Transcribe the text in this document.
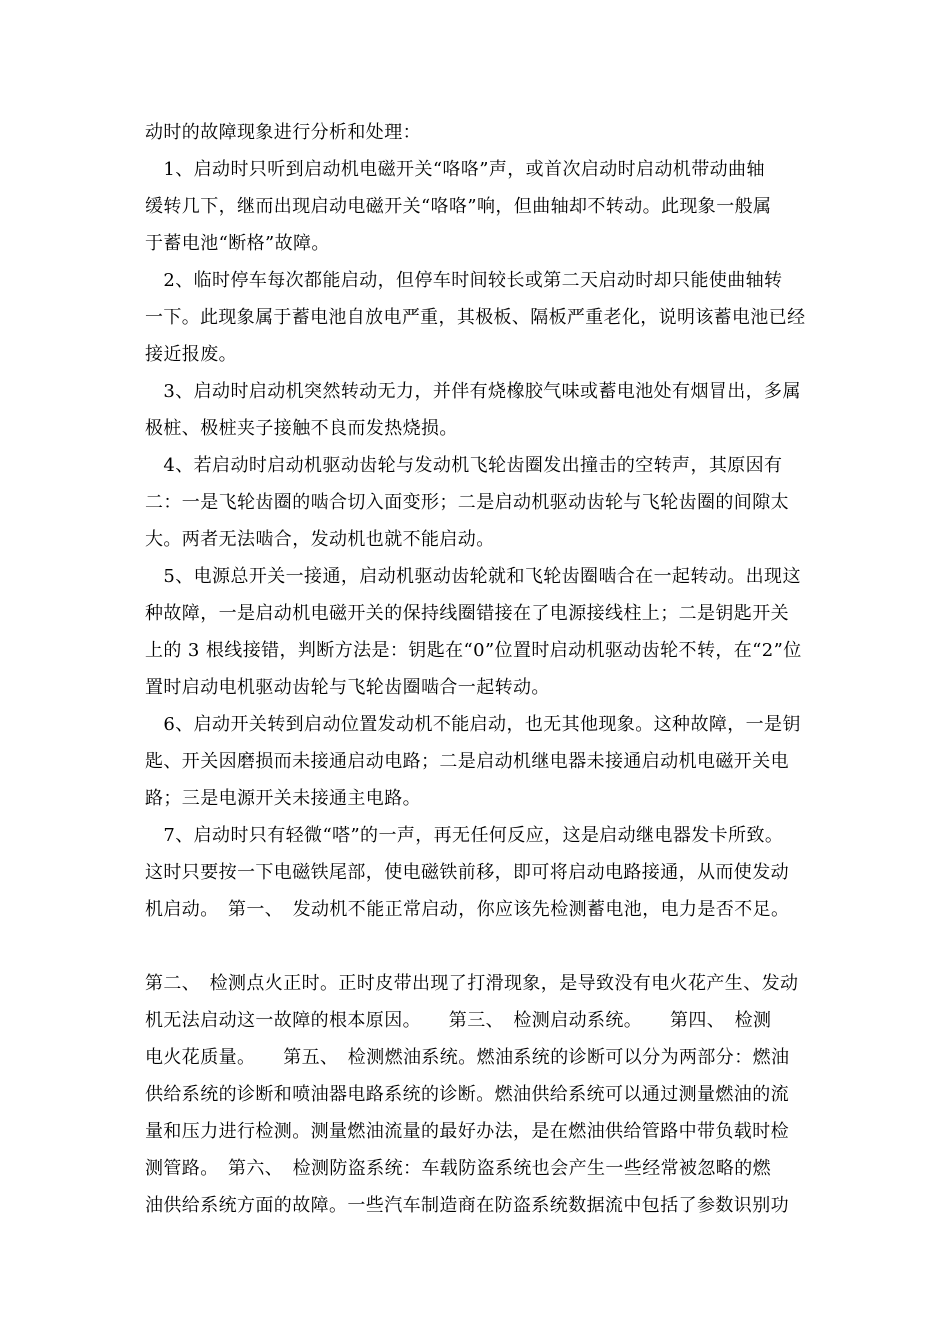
动时的故障现象进行分析和处理：
　1、启动时只听到启动机电磁开关“咯咯”声，或首次启动时启动机带动曲轴
缓转几下，继而出现启动电磁开关“咯咯”响，但曲轴却不转动。此现象一般属
于蓄电池“断格”故障。
　2、临时停车每次都能启动，但停车时间较长或第二天启动时却只能使曲轴转
一下。此现象属于蓄电池自放电严重，其极板、隔板严重老化，说明该蓄电池已经
接近报废。
　3、启动时启动机突然转动无力，并伴有烧橡胶气味或蓄电池处有烟冒出，多属
极桩、极桩夹子接触不良而发热烧损。
　4、若启动时启动机驱动齿轮与发动机飞轮齿圈发出撞击的空转声，其原因有
二：一是飞轮齿圈的啮合切入面变形；二是启动机驱动齿轮与飞轮齿圈的间隙太
大。两者无法啮合，发动机也就不能启动。
　5、电源总开关一接通，启动机驱动齿轮就和飞轮齿圈啮合在一起转动。出现这
种故障，一是启动机电磁开关的保持线圈错接在了电源接线柱上；二是钥匙开关
上的 3 根线接错，判断方法是：钥匙在“0”位置时启动机驱动齿轮不转，在“2”位
置时启动电机驱动齿轮与飞轮齿圈啮合一起转动。
　6、启动开关转到启动位置发动机不能启动，也无其他现象。这种故障，一是钥
匙、开关因磨损而未接通启动电路；二是启动机继电器未接通启动机电磁开关电
路；三是电源开关未接通主电路。
　7、启动时只有轻微“嗒”的一声，再无任何反应，这是启动继电器发卡所致。
这时只要按一下电磁铁尾部，使电磁铁前移，即可将启动电路接通，从而使发动
机启动。　第一、　发动机不能正常启动，你应该先检测蓄电池，电力是否不足。
第二、　检测点火正时。正时皮带出现了打滑现象，是导致没有电火花产生、发动
机无法启动这一故障的根本原因。　　第三、　检测启动系统。　　第四、　检测
电火花质量。　　第五、　检测燃油系统。燃油系统的诊断可以分为两部分：燃油
供给系统的诊断和喷油器电路系统的诊断。燃油供给系统可以通过测量燃油的流
量和压力进行检测。测量燃油流量的最好办法，是在燃油供给管路中带负载时检
测管路。　第六、　检测防盗系统：车载防盗系统也会产生一些经常被忽略的燃
油供给系统方面的故障。一些汽车制造商在防盗系统数据流中包括了参数识别功
